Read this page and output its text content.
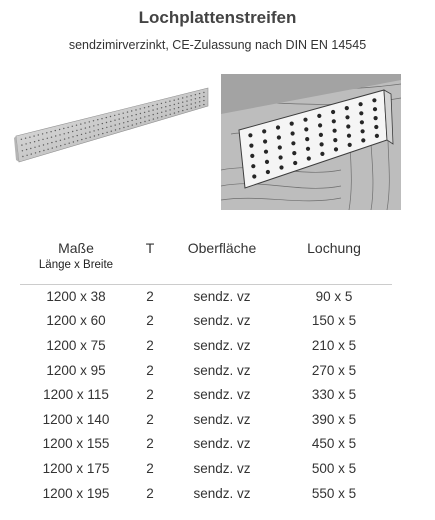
Lochplattenstreifen
sendzimirverzinkt, CE-Zulassung nach DIN EN 14545
Maße
Länge x Breite	T	Oberfläche	Lochung
1200 x 38	2	sendz. vz	90 x 5
1200 x 60	2	sendz. vz	150 x 5
1200 x 75	2	sendz. vz	210 x 5
1200 x 95	2	sendz. vz	270 x 5
1200 x 115	2	sendz. vz	330 x 5
1200 x 140	2	sendz. vz	390 x 5
1200 x 155	2	sendz. vz	450 x 5
1200 x 175	2	sendz. vz	500 x 5
1200 x 195	2	sendz. vz	550 x 5
